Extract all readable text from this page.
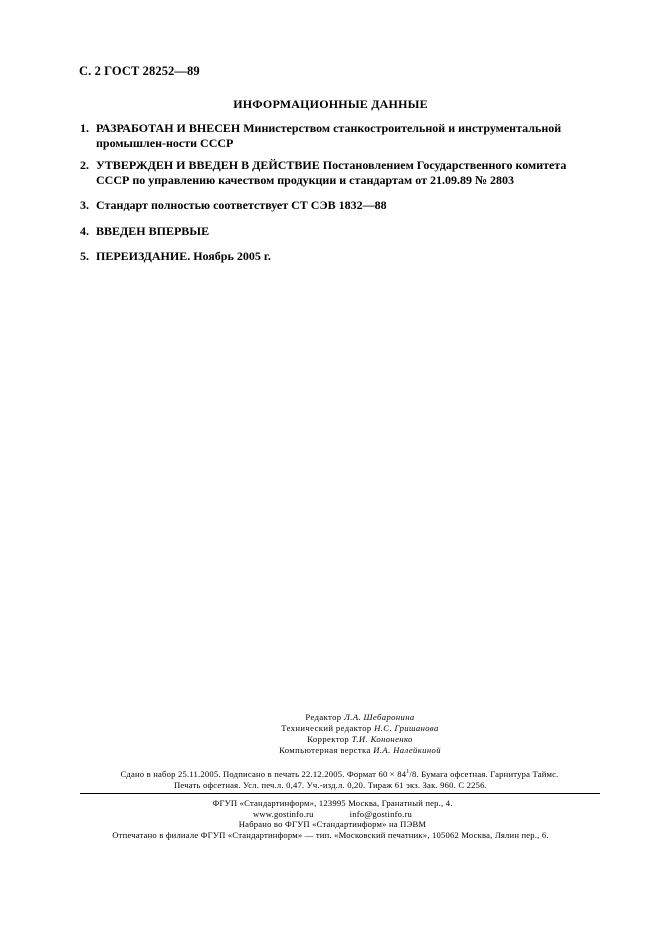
С. 2 ГОСТ 28252—89
ИНФОРМАЦИОННЫЕ ДАННЫЕ
1. РАЗРАБОТАН И ВНЕСЕН Министерством станкостроительной и инструментальной промышлен-ности СССР
2. УТВЕРЖДЕН И ВВЕДЕН В ДЕЙСТВИЕ Постановлением Государственного комитета СССР по управлению качеством продукции и стандартам от 21.09.89 № 2803
3. Стандарт полностью соответствует СТ СЭВ 1832—88
4. ВВЕДЕН ВПЕРВЫЕ
5. ПЕРЕИЗДАНИЕ. Ноябрь 2005 г.
Редактор Л.А. Шебаронина
Технический редактор Н.С. Гришанова
Корректор Т.И. Кононенко
Компьютерная верстка И.А. Налейкиной
Сдано в набор 25.11.2005. Подписано в печать 22.12.2005. Формат $60 \times 84^1/8$. Бумага офсетная. Гарнитура Таймс.
Печать офсетная. Усл. печ.л. 0,47. Уч.-изд.л. 0,20. Тираж 61 экз. Зак. 960. С 2256.
ФГУП «Стандартинформ», 123995 Москва, Гранатный пер., 4.
www.gostinfo.ru	info@gostinfo.ru
Набрано во ФГУП «Стандартинформ» на ПЭВМ
Отпечатано в филиале ФГУП «Стандартинформ» — тип. «Московский печатник», 105062 Москва, Лялин пер., 6.
